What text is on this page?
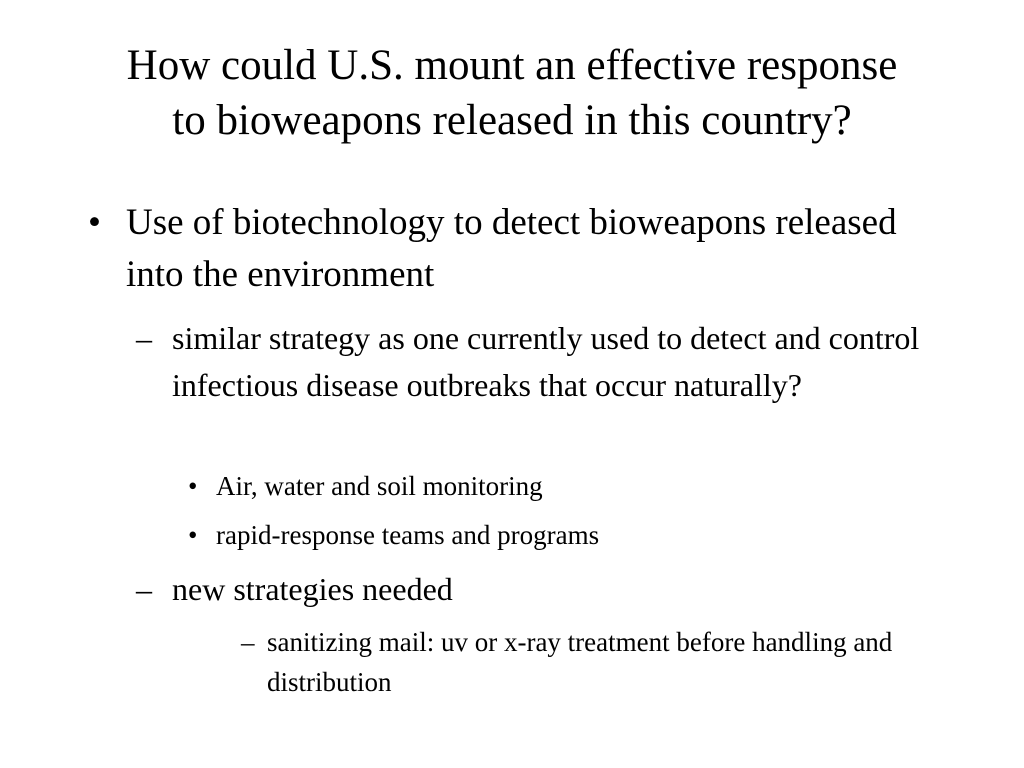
How could U.S. mount an effective response
to bioweapons released in this country?
• Use of biotechnology to detect bioweapons released into the environment
– similar strategy as one currently used to detect and control infectious disease outbreaks that occur naturally?
• Air, water and soil monitoring
• rapid-response teams and programs
– new strategies needed
– sanitizing mail: uv or x-ray treatment before handling and distribution
